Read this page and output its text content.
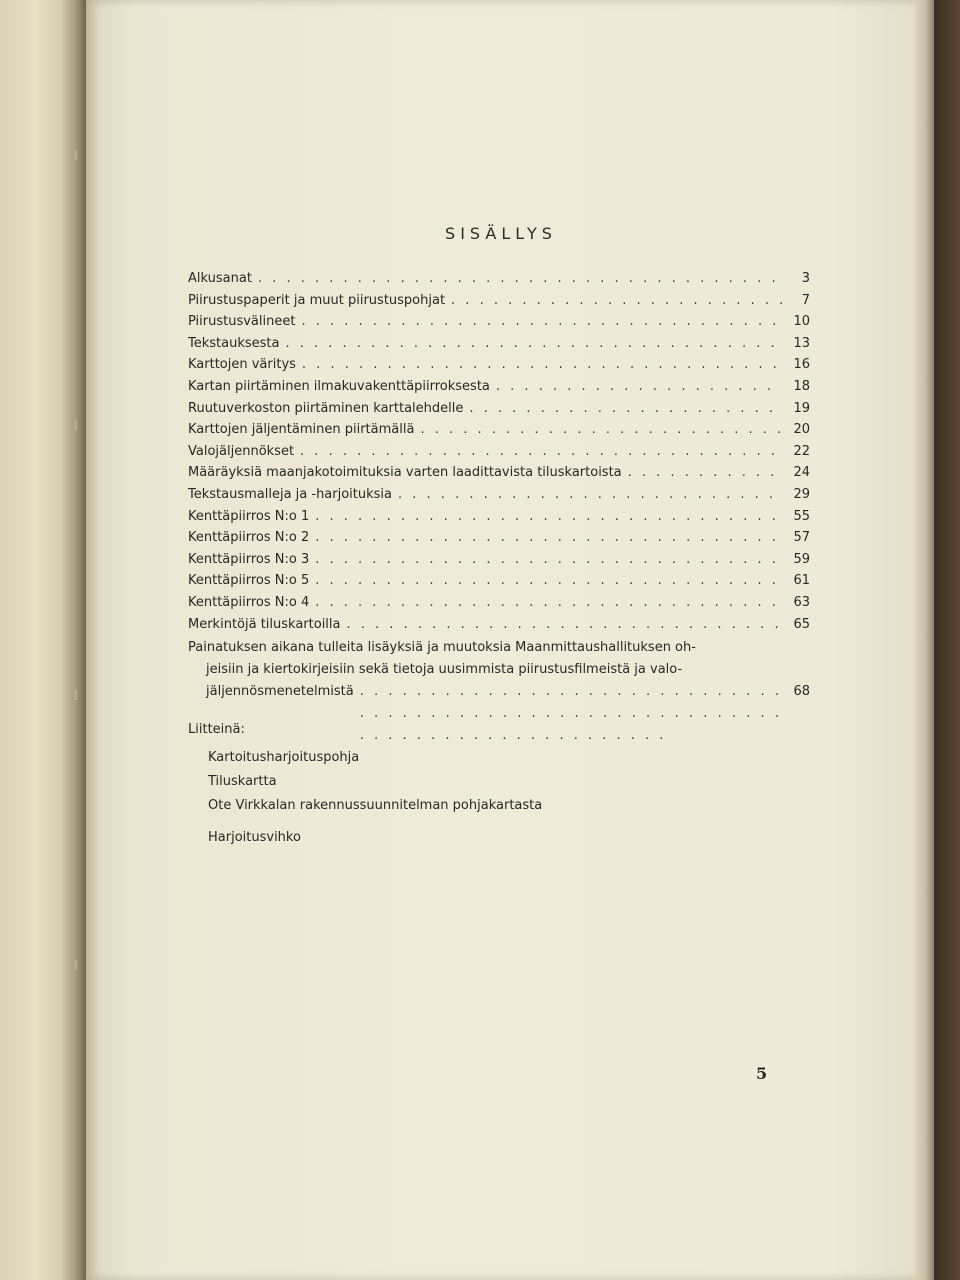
SISÄLLYS
Alkusanat . . .	3
Piirustuspaperit ja muut piirustuspohjat . . .	7
Piirustusvälineet . . .	10
Tekstauksesta . . .	13
Karttojen väritys . . .	16
Kartan piirtäminen ilmakuvakenttäpiirroksesta . . .	18
Ruutuverkoston piirtäminen karttalehdelle . . .	19
Karttojen jäljentäminen piirtämällä . . .	20
Valojäljennökset . . .	22
Määräyksiä maanjakotoimituksia varten laadittavista tiluskartoista . . .	24
Tekstausmalleja ja -harjoituksia . . .	29
Kenttäpiirros N:o 1 . . .	55
Kenttäpiirros N:o 2 . . .	57
Kenttäpiirros N:o 3 . . .	59
Kenttäpiirros N:o 5 . . .	61
Kenttäpiirros N:o 4 . . .	63
Merkintöjä tiluskartoilla . . .	65
Painatuksen aikana tulleita lisäyksiä ja muutoksia Maanmittaushallituksen oh-
jeisiin ja kiertokirjeisiin sekä tietoja uusimmista piirustusfilmeistä ja valo-
jäljennösmenetelmistä . . .	68
Liitteinä:
Kartoitusharjoituspohja
Tiluskartta
Ote Virkkalan rakennussuunnitelman pohjakartasta
Harjoitusvihko
5
